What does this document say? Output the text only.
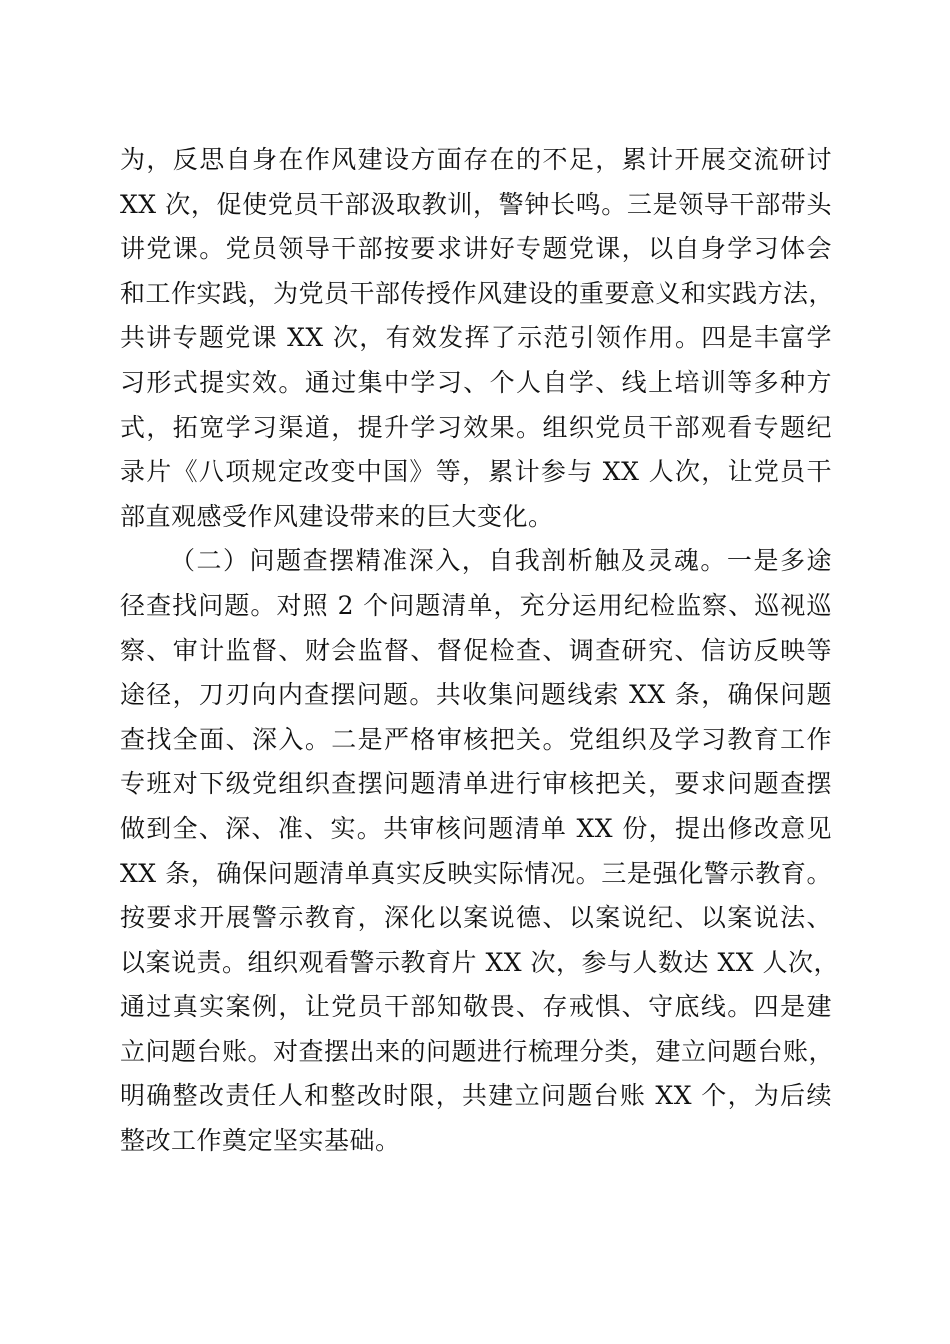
为，反思自身在作风建设方面存在的不足，累计开展交流研讨
XX 次，促使党员干部汲取教训，警钟长鸣。三是领导干部带头
讲党课。党员领导干部按要求讲好专题党课，以自身学习体会
和工作实践，为党员干部传授作风建设的重要意义和实践方法，
共讲专题党课 XX 次，有效发挥了示范引领作用。四是丰富学
习形式提实效。通过集中学习、个人自学、线上培训等多种方
式，拓宽学习渠道，提升学习效果。组织党员干部观看专题纪
录片《八项规定改变中国》等，累计参与 XX 人次，让党员干
部直观感受作风建设带来的巨大变化。

（二）问题查摆精准深入，自我剖析触及灵魂。一是多途
径查找问题。对照 2 个问题清单，充分运用纪检监察、巡视巡
察、审计监督、财会监督、督促检查、调查研究、信访反映等
途径，刀刃向内查摆问题。共收集问题线索 XX 条，确保问题
查找全面、深入。二是严格审核把关。党组织及学习教育工作
专班对下级党组织查摆问题清单进行审核把关，要求问题查摆
做到全、深、准、实。共审核问题清单 XX 份，提出修改意见
XX 条，确保问题清单真实反映实际情况。三是强化警示教育。
按要求开展警示教育，深化以案说德、以案说纪、以案说法、
以案说责。组织观看警示教育片 XX 次，参与人数达 XX 人次，
通过真实案例，让党员干部知敬畏、存戒惧、守底线。四是建
立问题台账。对查摆出来的问题进行梳理分类，建立问题台账，
明确整改责任人和整改时限，共建立问题台账 XX 个，为后续
整改工作奠定坚实基础。
